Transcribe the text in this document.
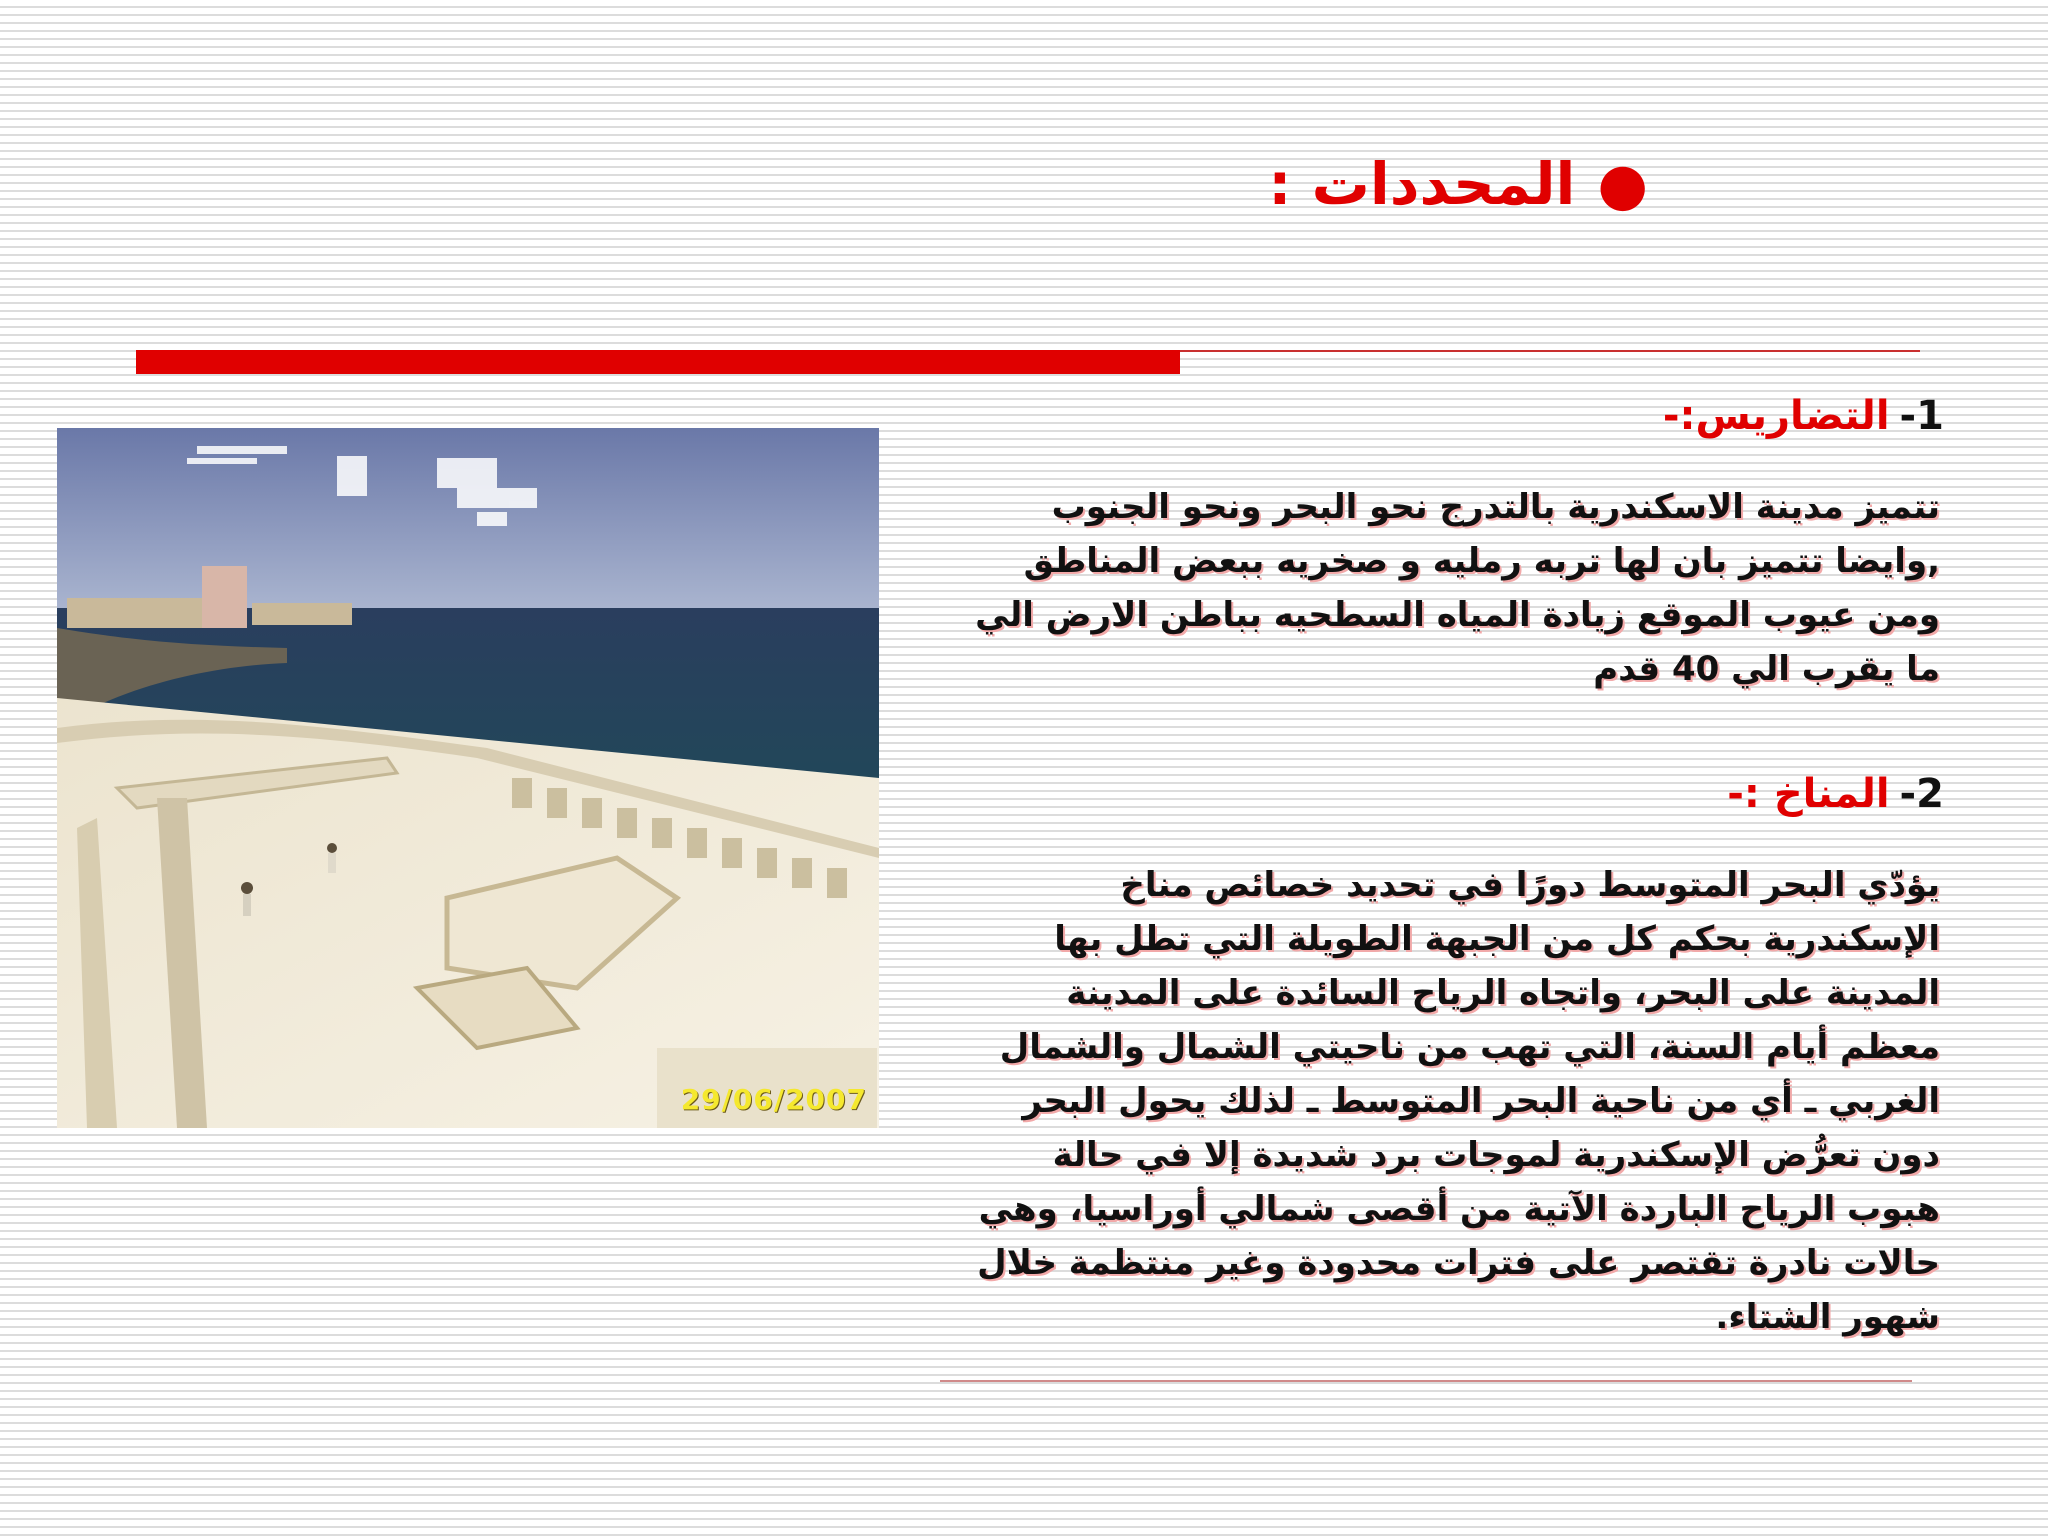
●المحددات :
29/06/2007
1-التضاريس:-
تتميز مدينة الاسكندرية بالتدرج نحو البحر ونحو الجنوب ,وايضا تتميز بان لها تربه رمليه و صخريه ببعض المناطق ومن عيوب الموقع زيادة المياه السطحيه بباطن الارض الي ما يقرب الي 40 قدم
2-المناخ :-
يؤدّي البحر المتوسط دورًا في تحديد خصائص مناخ الإسكندرية بحكم كل من الجبهة الطويلة التي تطل بها المدينة على البحر، واتجاه الرياح السائدة على المدينة معظم أيام السنة، التي تهب من ناحيتي الشمال والشمال الغربي ـ أي من ناحية البحر المتوسط ـ لذلك يحول البحر دون تعرُّض الإسكندرية لموجات برد شديدة إلا في حالة هبوب الرياح الباردة الآتية من أقصى شمالي أوراسيا، وهي حالات نادرة تقتصر على فترات محدودة وغير منتظمة خلال شهور الشتاء.
